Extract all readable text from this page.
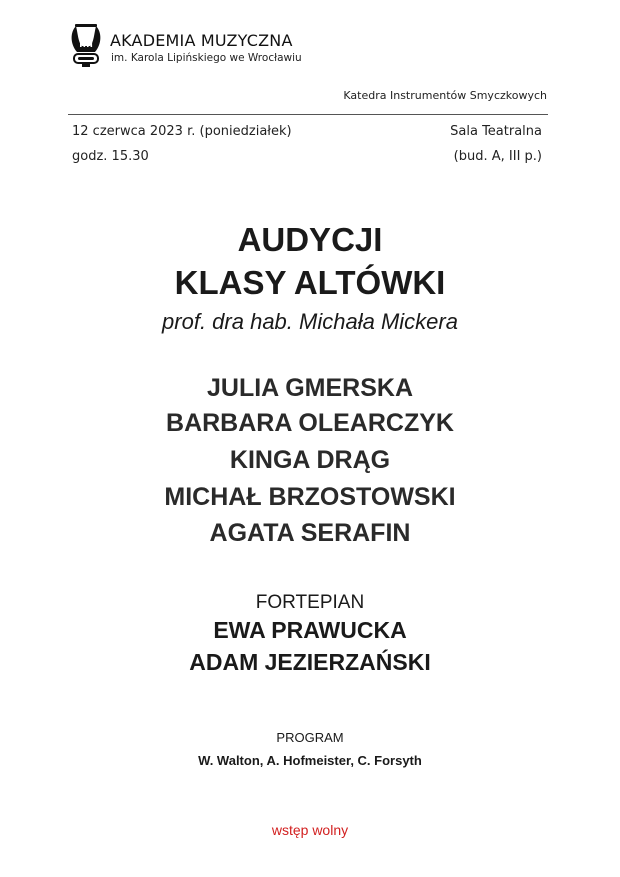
AKADEMIA MUZYCZNA
im. Karola Lipińskiego we Wrocławiu
Katedra Instrumentów Smyczkowych
12 czerwca 2023 r. (poniedziałek)
godz. 15.30
Sala Teatralna
(bud. A, III p.)
AUDYCJI
KLASY ALTÓWKI
prof. dra hab. Michała Mickera
JULIA GMERSKA
BARBARA OLEARCZYK
KINGA DRĄG
MICHAŁ BRZOSTOWSKI
AGATA SERAFIN
FORTEPIAN
EWA PRAWUCKA
ADAM JEZIERZAŃSKI
PROGRAM
W. Walton, A. Hofmeister, C. Forsyth
wstęp wolny
